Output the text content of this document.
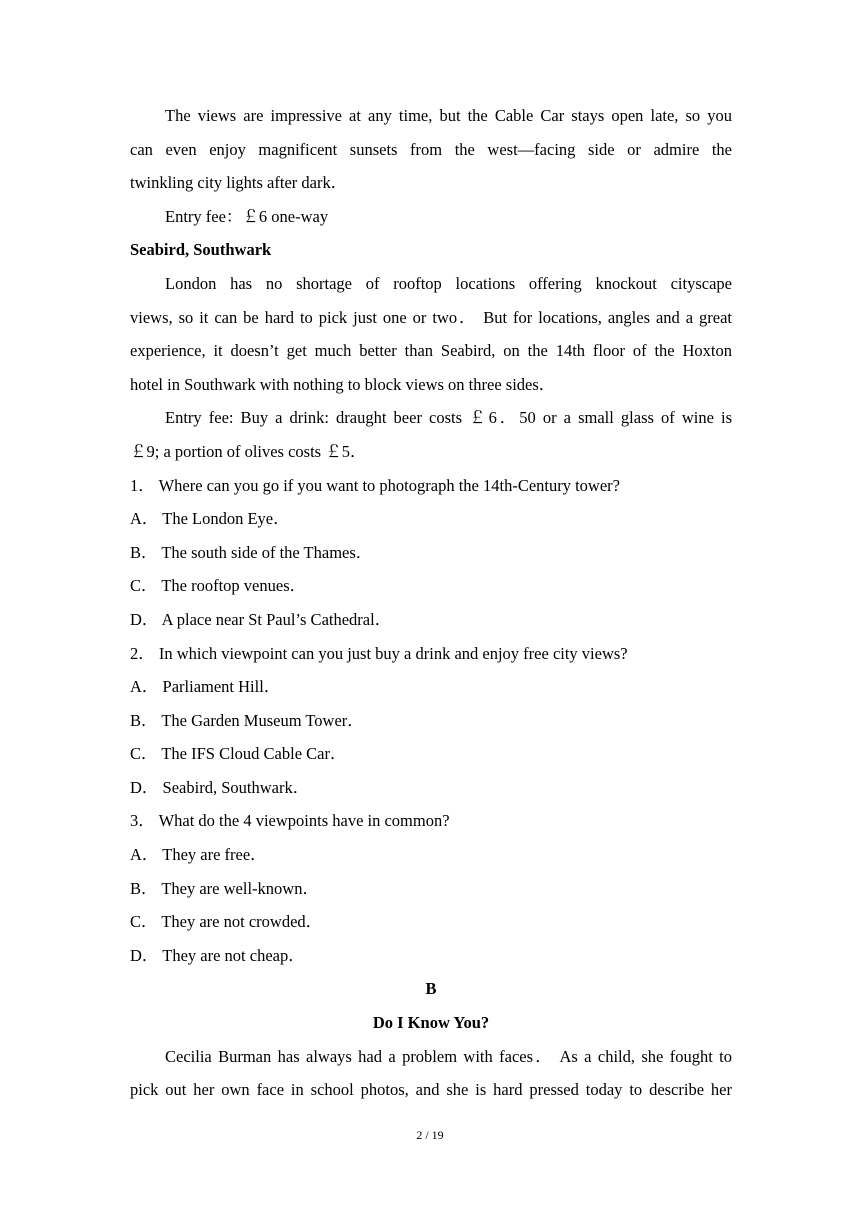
The views are impressive at any time, but the Cable Car stays open late, so you
can even enjoy magnificent sunsets from the west—facing side or admire the
twinkling city lights after dark．
Entry fee：￡6 one-way
Seabird, Southwark
London has no shortage of rooftop locations offering knockout cityscape
views, so it can be hard to pick just one or two． But for locations, angles and a great
experience, it doesn’t get much better than Seabird, on the 14th floor of the Hoxton
hotel in Southwark with nothing to block views on three sides．
Entry fee: Buy a drink: draught beer costs ￡6．50 or a small glass of wine is
￡9; a portion of olives costs ￡5．
1． Where can you go if you want to photograph the 14th-Century tower?
A． The London Eye．
B． The south side of the Thames．
C． The rooftop venues．
D． A place near St Paul’s Cathedral．
2． In which viewpoint can you just buy a drink and enjoy free city views?
A． Parliament Hill．
B． The Garden Museum Tower．
C． The IFS Cloud Cable Car．
D． Seabird, Southwark．
3． What do the 4 viewpoints have in common?
A． They are free．
B． They are well-known．
C． They are not crowded．
D． They are not cheap．
B
Do I Know You?
Cecilia Burman has always had a problem with faces． As a child, she fought to
pick out her own face in school photos, and she is hard pressed today to describe her
2 / 19
